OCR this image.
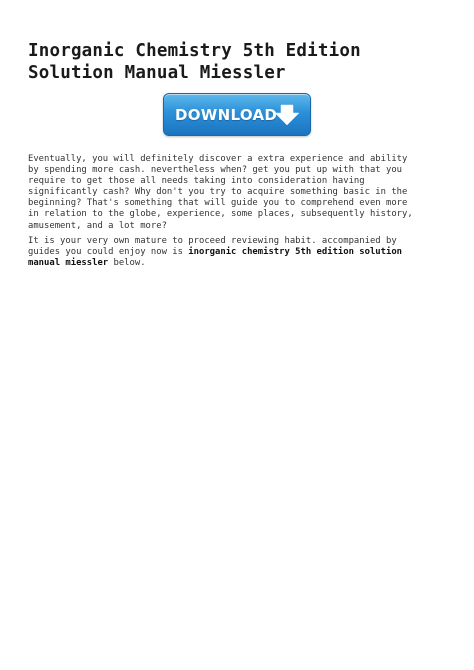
Inorganic Chemistry 5th Edition
Solution Manual Miessler
DOWNLOAD

Eventually, you will definitely discover a extra experience and ability
by spending more cash. nevertheless when? get you put up with that you
require to get those all needs taking into consideration having
significantly cash? Why don't you try to acquire something basic in the
beginning? That's something that will guide you to comprehend even more
in relation to the globe, experience, some places, subsequently history,
amusement, and a lot more?

It is your very own mature to proceed reviewing habit. accompanied by
guides you could enjoy now is inorganic chemistry 5th edition solution
manual miessler below.
